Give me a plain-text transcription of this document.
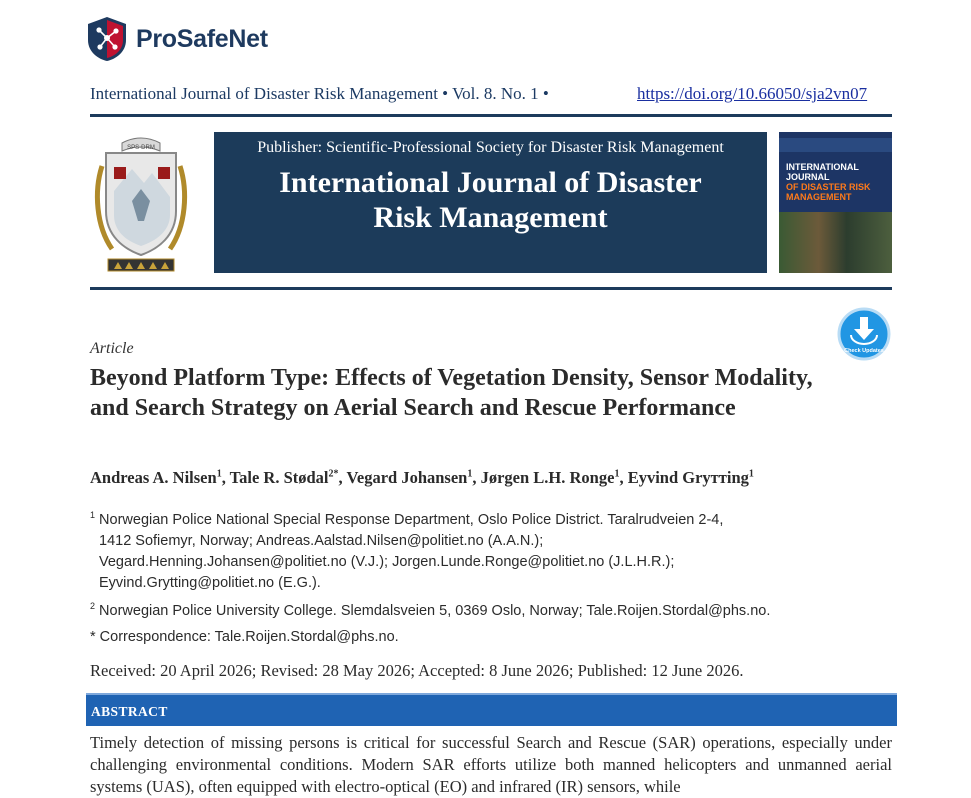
ProSafeNet
International Journal of Disaster Risk Management • Vol. 8. No. 1 •	https://doi.org/10.66050/sja2vn07
SPS-DRM	Publisher: Scientific-Professional Society for Disaster Risk Management
International Journal of Disaster
Risk Management
INTERNATIONAL JOURNAL
OF DISASTER RISK
MANAGEMENT
Check Updates
Article
Beyond Platform Type: Effects of Vegetation Density, Sensor Modality, and Search Strategy on Aerial Search and Rescue Performance
Andreas A. Nilsen$^1$, Tale R. Stødal$^{2*}$, Vegard Johansen$^1$, Jørgen L.H. Ronge$^1$, Eyvind Gryттing$^1$
$^1$ Norwegian Police National Special Response Department, Oslo Police District. Taralrudveien 2-4,
1412 Sofiemyr, Norway; Andreas.Aalstad.Nilsen@politiet.no (A.A.N.);
Vegard.Henning.Johansen@politiet.no (V.J.); Jorgen.Lunde.Ronge@politiet.no (J.L.H.R.);
Eyvind.Grytting@politiet.no (E.G.).
$^2$ Norwegian Police University College. Slemdalsveien 5, 0369 Oslo, Norway; Tale.Roijen.Stordal@phs.no.
* Correspondence: Tale.Roijen.Stordal@phs.no.
Received: 20 April 2026; Revised: 28 May 2026; Accepted: 8 June 2026; Published: 12 June 2026.
ABSTRACT
Timely detection of missing persons is critical for successful Search and Rescue (SAR) operations, especially under challenging environmental conditions. Modern SAR efforts utilize both manned helicopters and unmanned aerial systems (UAS), often equipped with electro-optical (EO) and infrared (IR) sensors, while
